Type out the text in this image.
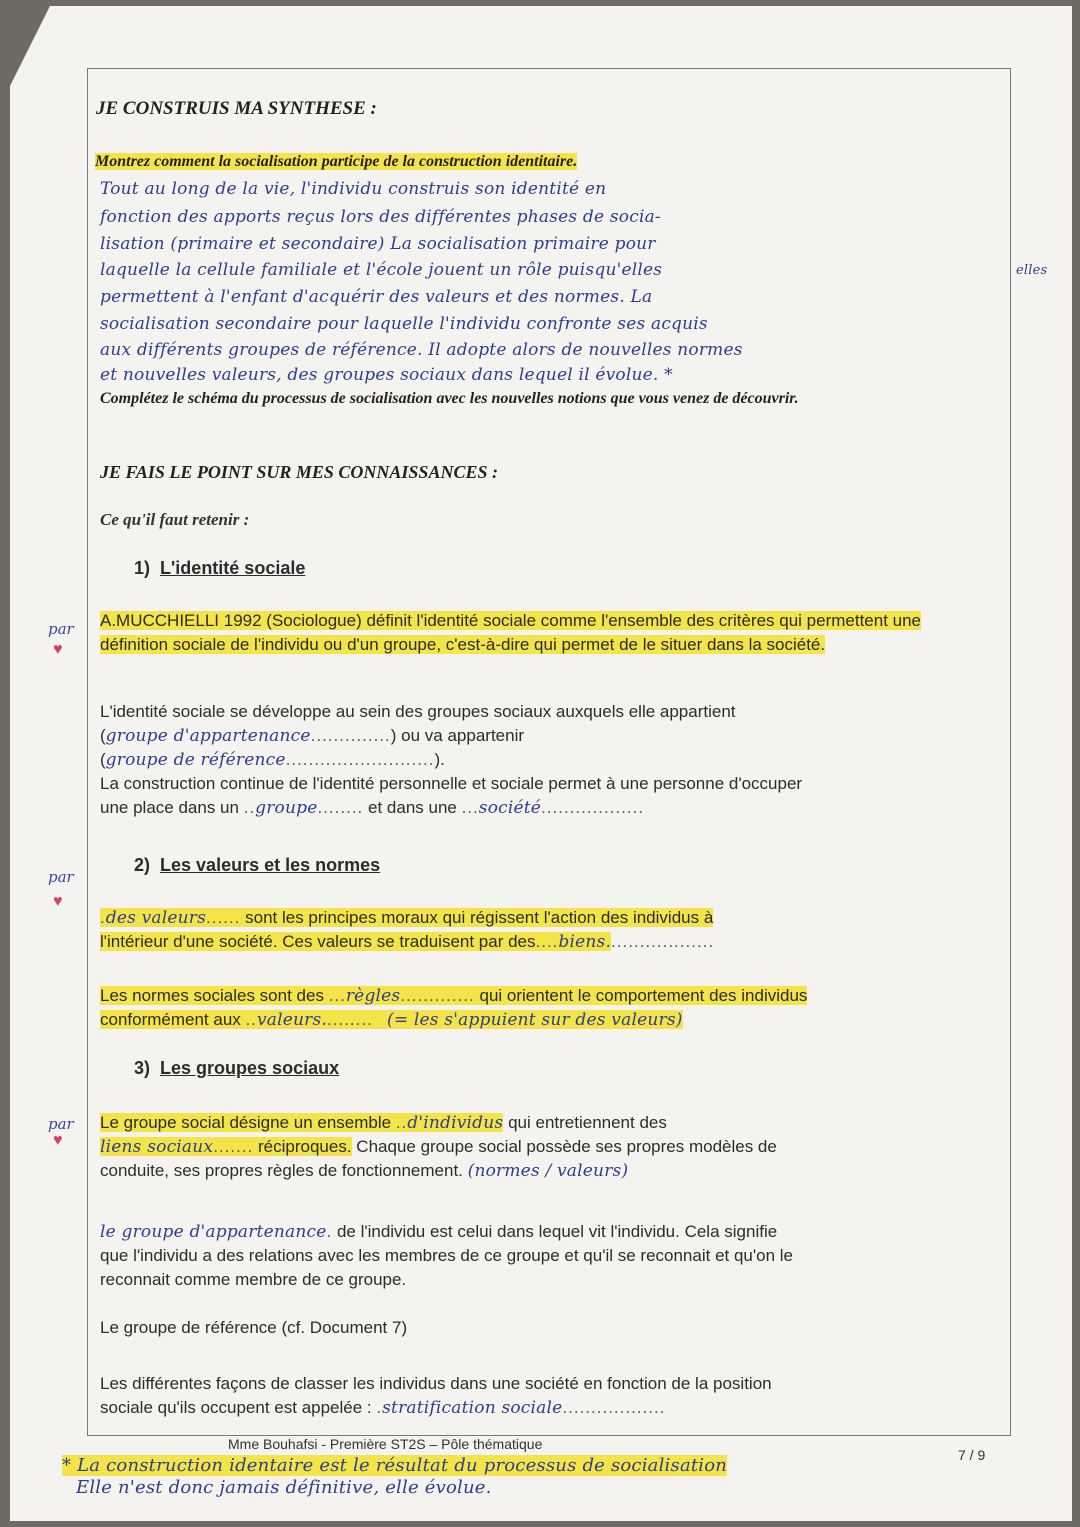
JE CONSTRUIS MA SYNTHESE :
Montrez comment la socialisation participe de la construction identitaire.
Tout au long de la vie, l'individu construis son identité en
fonction des apports reçus lors des différentes phases de socia-
lisation (primaire et secondaire) La socialisation primaire pour
laquelle la cellule familiale et l'école jouent un rôle puisqu'elles
permettent à l'enfant d'acquérir des valeurs et des normes. La
socialisation secondaire pour laquelle l'individu confronte ses acquis
aux différents groupes de référence. Il adopte alors de nouvelles normes
et nouvelles valeurs, des groupes sociaux dans lequel il évolue. *
elles
Complétez le schéma du processus de socialisation avec les nouvelles notions que vous venez de découvrir.
JE FAIS LE POINT SUR MES CONNAISSANCES :
Ce qu'il faut retenir :
1) L'identité sociale
A.MUCCHIELLI 1992 (Sociologue) définit l'identité sociale comme l'ensemble des critères qui permettent une définition sociale de l'individu ou d'un groupe, c'est-à-dire qui permet de le situer dans la société.
L'identité sociale se développe au sein des groupes sociaux auxquels elle appartient
(groupe d'appartenance..............) ou va appartenir
(groupe de référence..........................).
La construction continue de l'identité personnelle et sociale permet à une personne d'occuper
une place dans un ..groupe........ et dans une ...société..................
par
♥
2) Les valeurs et les normes
par
♥
.des valeurs...... sont les principes moraux qui régissent l'action des individus à
l'intérieur d'une société. Ces valeurs se traduisent par des....biens...................
Les normes sociales sont des ...règles............. qui orientent le comportement des individus
conformément aux ..valeurs......... (= les s'appuient sur des valeurs)
3) Les groupes sociaux
par
♥
Le groupe social désigne un ensemble ..d'individus qui entretiennent des
liens sociaux....... réciproques. Chaque groupe social possède ses propres modèles de
conduite, ses propres règles de fonctionnement. (normes / valeurs)
le groupe d'appartenance. de l'individu est celui dans lequel vit l'individu. Cela signifie
que l'individu a des relations avec les membres de ce groupe et qu'il se reconnait et qu'on le
reconnait comme membre de ce groupe.
Le groupe de référence (cf. Document 7)
Les différentes façons de classer les individus dans une société en fonction de la position
sociale qu'ils occupent est appelée : .stratification sociale..................
Mme Bouhafsi - Première ST2S – Pôle thématique
7 / 9
* La construction identaire est le résultat du processus de socialisation
Elle n'est donc jamais définitive, elle évolue.
